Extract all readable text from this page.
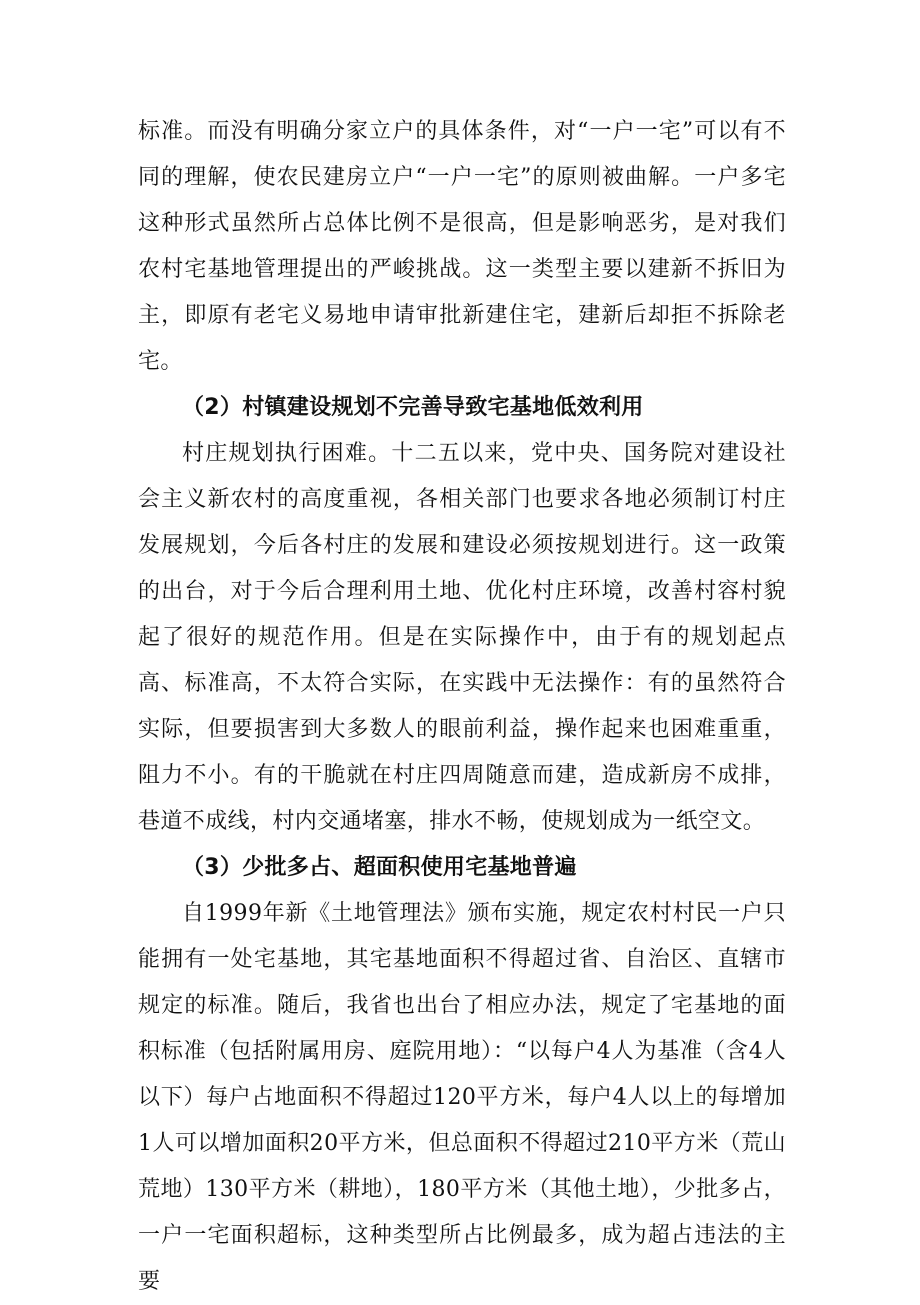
标准。而没有明确分家立户的具体条件，对“一户一宅”可以有不同的理解，使农民建房立户“一户一宅”的原则被曲解。一户多宅这种形式虽然所占总体比例不是很高，但是影响恶劣，是对我们农村宅基地管理提出的严峻挑战。这一类型主要以建新不拆旧为主，即原有老宅义易地申请审批新建住宅，建新后却拒不拆除老宅。

（2）村镇建设规划不完善导致宅基地低效利用

村庄规划执行困难。十二五以来，党中央、国务院对建设社会主义新农村的高度重视，各相关部门也要求各地必须制订村庄发展规划，今后各村庄的发展和建设必须按规划进行。这一政策的出台，对于今后合理利用土地、优化村庄环境，改善村容村貌起了很好的规范作用。但是在实际操作中，由于有的规划起点高、标准高，不太符合实际，在实践中无法操作：有的虽然符合实际，但要损害到大多数人的眼前利益，操作起来也困难重重，阻力不小。有的干脆就在村庄四周随意而建，造成新房不成排，巷道不成线，村内交通堵塞，排水不畅，使规划成为一纸空文。

（3）少批多占、超面积使用宅基地普遍

自1999年新《土地管理法》颁布实施，规定农村村民一户只能拥有一处宅基地，其宅基地面积不得超过省、自治区、直辖市规定的标准。随后，我省也出台了相应办法，规定了宅基地的面积标准（包括附属用房、庭院用地）：“以每户4人为基准（含4人以下）每户占地面积不得超过120平方米，每户4人以上的每增加1人可以增加面积20平方米，但总面积不得超过210平方米（荒山荒地）130平方米（耕地），180平方米（其他土地），少批多占，一户一宅面积超标，这种类型所占比例最多，成为超占违法的主要
